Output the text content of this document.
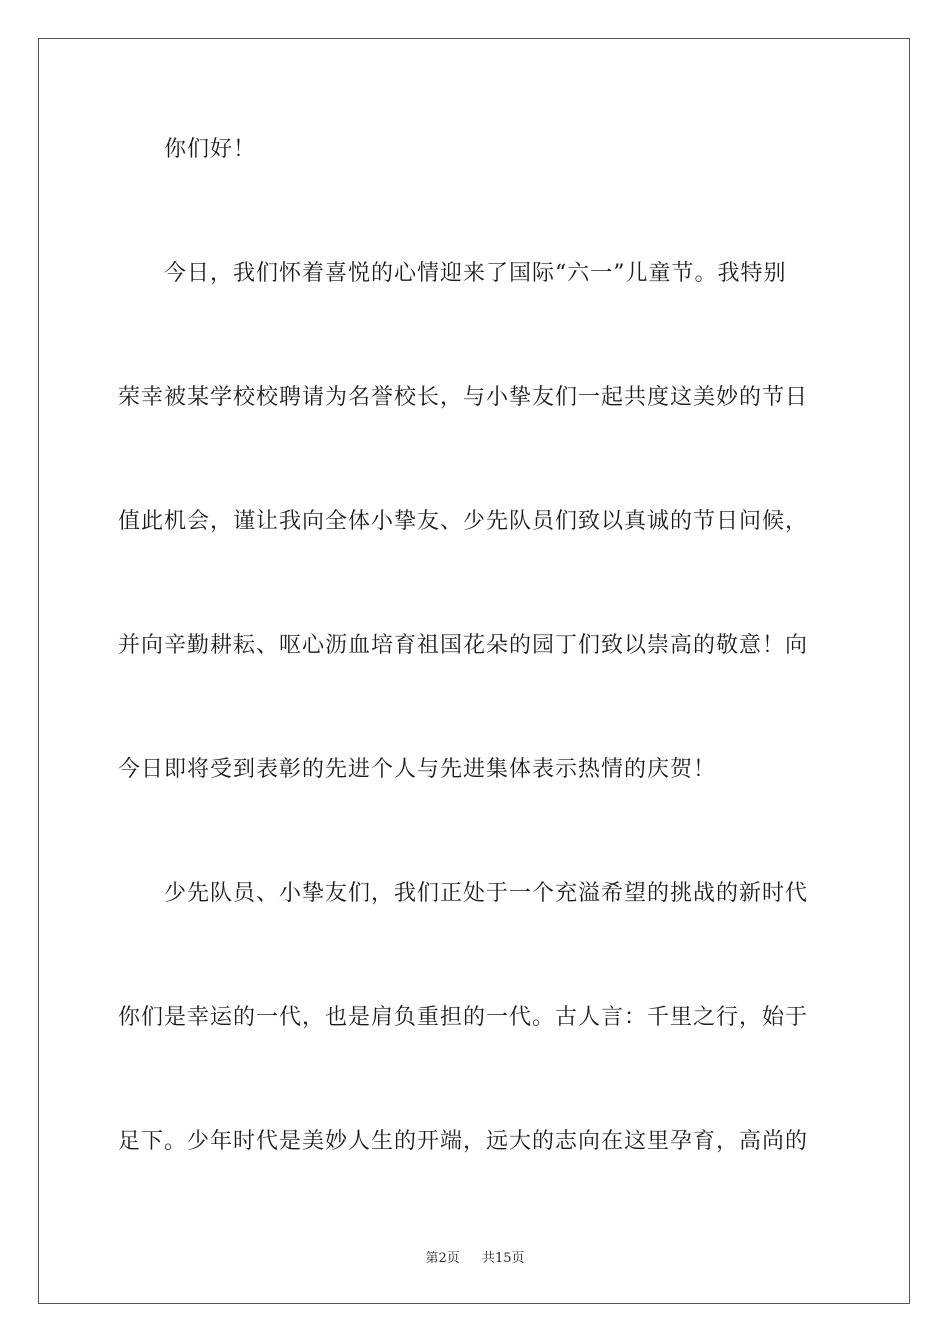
你们好！
今日，我们怀着喜悦的心情迎来了国际“六一”儿童节。我特别
荣幸被某学校校聘请为名誉校长，与小挚友们一起共度这美妙的节日
值此机会，谨让我向全体小挚友、少先队员们致以真诚的节日问候，
并向辛勤耕耘、呕心沥血培育祖国花朵的园丁们致以崇高的敬意！向
今日即将受到表彰的先进个人与先进集体表示热情的庆贺！
少先队员、小挚友们，我们正处于一个充溢希望的挑战的新时代
你们是幸运的一代，也是肩负重担的一代。古人言：千里之行，始于
足下。少年时代是美妙人生的开端，远大的志向在这里孕育，高尚的
第2页 共15页
